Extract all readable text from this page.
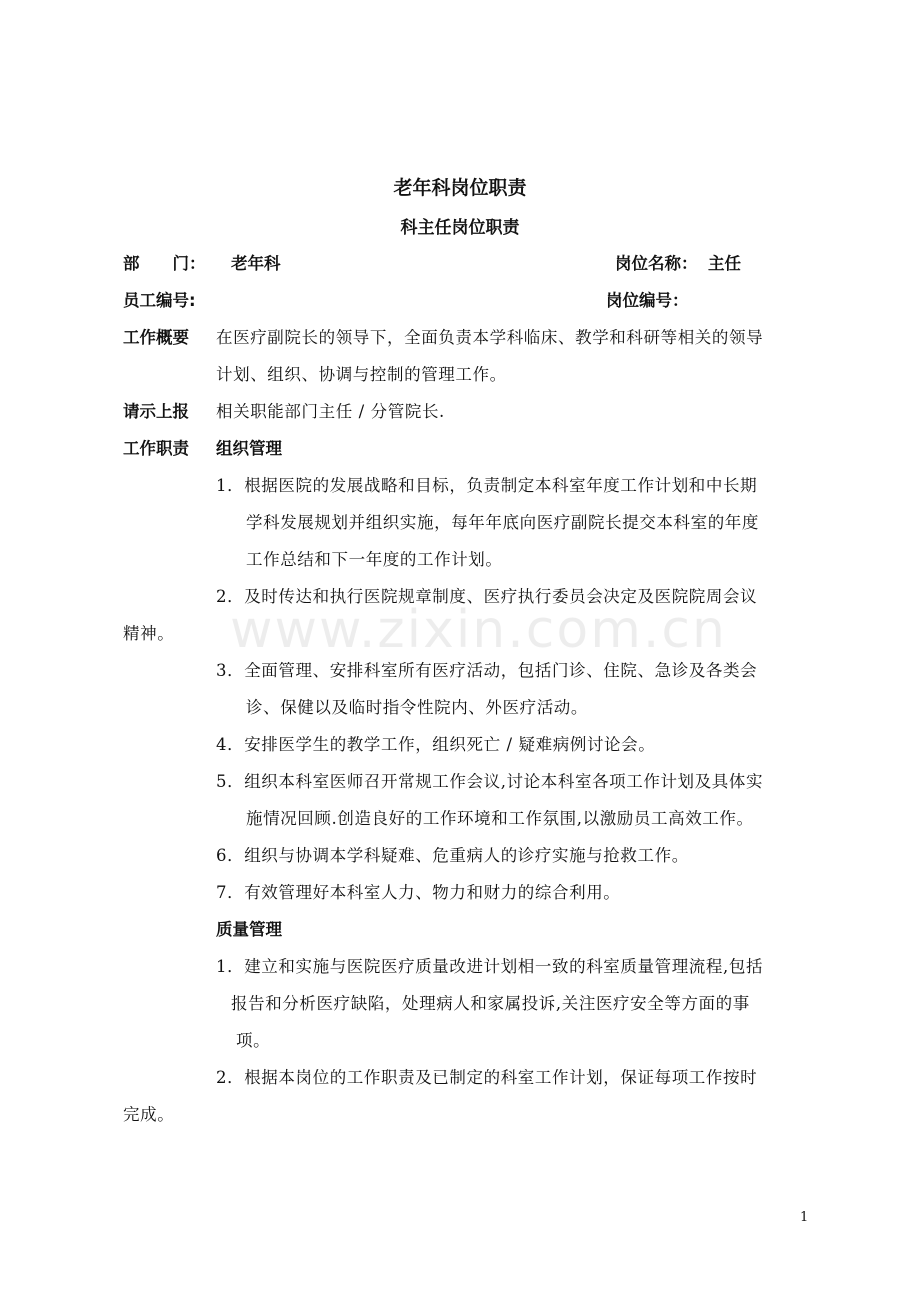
www.zixin.com.cn
老年科岗位职责
科主任岗位职责
部　　门： 老年科	岗位名称： 主任
员工编号:	岗位编号：
工作概要 在医疗副院长的领导下，全面负责本学科临床、教学和科研等相关的领导
计划、组织、协调与控制的管理工作。
请示上报 相关职能部门主任 / 分管院长.
工作职责 组织管理
1．根据医院的发展战略和目标，负责制定本科室年度工作计划和中长期
学科发展规划并组织实施，每年年底向医疗副院长提交本科室的年度
工作总结和下一年度的工作计划。
2．及时传达和执行医院规章制度、医疗执行委员会决定及医院院周会议
精神。
3．全面管理、安排科室所有医疗活动，包括门诊、住院、急诊及各类会
诊、保健以及临时指令性院内、外医疗活动。
4．安排医学生的教学工作，组织死亡 / 疑难病例讨论会。
5．组织本科室医师召开常规工作会议,讨论本科室各项工作计划及具体实
施情况回顾.创造良好的工作环境和工作氛围,以激励员工高效工作。
6．组织与协调本学科疑难、危重病人的诊疗实施与抢救工作。
7．有效管理好本科室人力、物力和财力的综合利用。
质量管理
1．建立和实施与医院医疗质量改进计划相一致的科室质量管理流程,包括
报告和分析医疗缺陷，处理病人和家属投诉,关注医疗安全等方面的事
项。
2．根据本岗位的工作职责及已制定的科室工作计划，保证每项工作按时
完成。
1
